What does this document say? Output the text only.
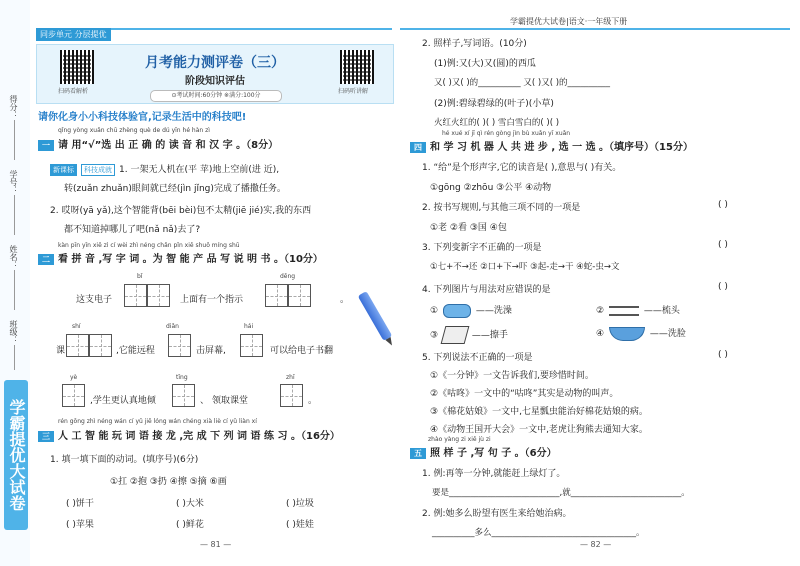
得分：
学号：
姓名：
班级：
学霸提优大试卷
同步单元 分层提优
扫码看解析	扫码听讲解
月考能力测评卷（三）
阶段知识评估
⊙考试时间:60分钟 ※满分:100分
请你化身小小科技体验官,记录生活中的科技吧!
qǐng yòng xuǎn chū zhèng què de dú yīn hé hàn zì
一 请 用“√”选 出 正 确 的 读 音 和 汉 字 。（8分）
新课标 科技成就 1. 一架无人机在(平 苹)地上空前(进 近),
转(zuǎn zhuǎn)眼间就已经(jìn jǐng)完成了播撒任务。
2. 哎呀(yā yǎ),这个智能背(bēi bèi)包不太精(jiē jié)实,我的东西
都不知道掉哪儿了吧(nǎ nǎ)去了?
kàn pīn yīn xiě zì cí wèi zhì néng chǎn pǐn xiě shuō míng shū
二 看 拼 音 ,写 字 词 。为 智 能 产 品 写 说 明 书 。（10分）
bǐ	dēng
这支电子	上面有一个指示	。
shí	diǎn	hái
课	,它能远程	击屏幕,	可以给电子书翻
yè	tīng	zhī
,学生更认真地倾	、 领取课堂	。
rén gōng zhì néng wán cí yǔ jiē lóng wán chéng xià liè cí yǔ liàn xí
三 人 工 智 能 玩 词 语 接 龙 ,完 成 下 列 词 语 练 习 。（16分）
1. 填一填下面的动词。(填序号)(6分)
①扛 ②抱 ③扔 ④擦 ⑤摘 ⑥画
( )饼干	( )大米	( )垃圾
( )苹果	( )鲜花	( )娃娃
— 81 —
学霸提优大试卷|语文·一年级下册
2. 照样子,写词语。(10分)
(1)例:又(大)又(圆)的西瓜
又( )又( )的__________ 又( )又( )的__________
(2)例:碧绿碧绿的(叶子)(小草)
火红火红的( )( ) 雪白雪白的( )( )
hé xué xí jī qì rén gòng jìn bù xuǎn yī xuǎn
四 和 学 习 机 器 人 共 进 步 , 选 一 选 。（填序号）（15分）
1. “给”是个形声字,它的读音是( ),意思与( )有关。
①gōng ②zhōu ③公平 ④动物
2. 按书写规则,与其他三项不同的一项是	( )
①老 ②看 ③国 ④包
3. 下列变新字不正确的一项是	( )
①七+不→还 ②口+下→吓 ③起-走→干 ④蛇-虫→文
4. 下列图片与用法对应错误的是	( )
①	——洗澡	②	——梳头
③	——擦手	④	——洗脸
5. 下列说法不正确的一项是	( )
①《一分钟》一文告诉我们,要珍惜时间。
②《咕咚》一文中的“咕咚”其实是动物的叫声。
③《棉花姑娘》一文中,七星瓢虫能治好棉花姑娘的病。
④《动物王国开大会》一文中,老虎让狗熊去通知大家。
zhào yàng zi xiě jù zi
五 照 样 子 ,写 句 子 。（6分）
1. 例:再等一分钟,就能赶上绿灯了。
要是__________________________,就__________________________。
2. 例:她多么盼望有医生来给她治病。
__________多么__________________________________。
— 82 —
